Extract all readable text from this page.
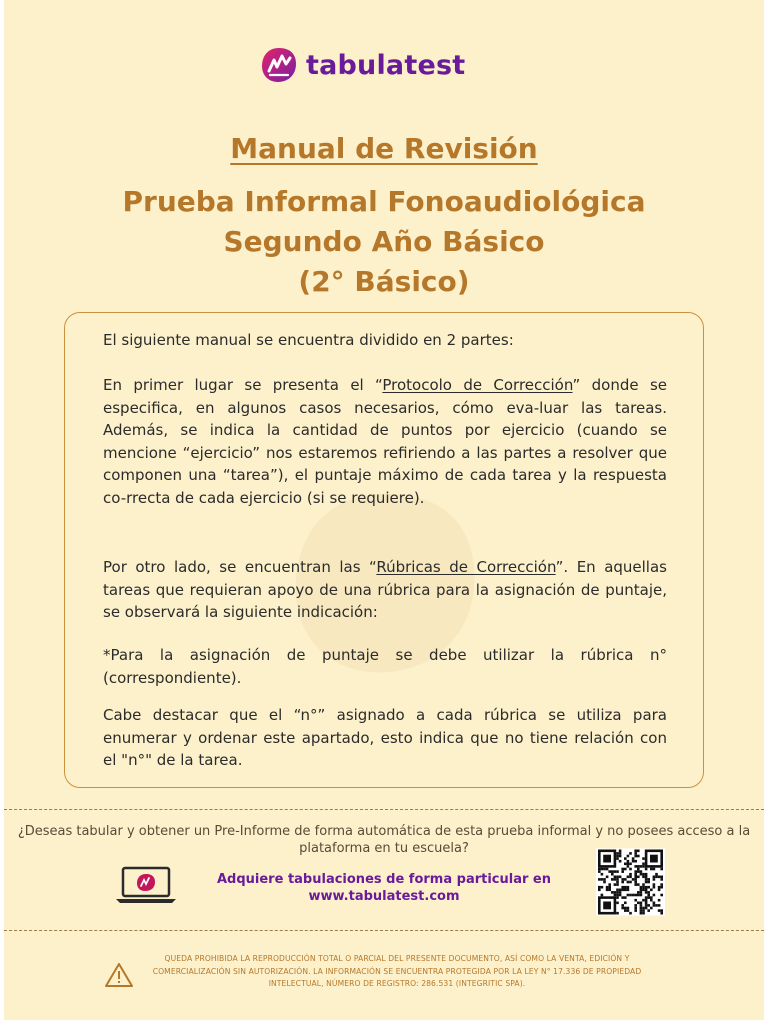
tabulatest
Manual de Revisión
Prueba Informal Fonoaudiológica
Segundo Año Básico
(2° Básico)

El siguiente manual se encuentra dividido en 2 partes:

En primer lugar se presenta el “Protocolo de Corrección” donde se especifica, en algunos casos necesarios, cómo eva-luar las tareas. Además, se indica la cantidad de puntos por ejercicio (cuando se mencione “ejercicio” nos estaremos refiriendo a las partes a resolver que componen una “tarea”), el puntaje máximo de cada tarea y la respuesta co-rrecta de cada ejercicio (si se requiere).

Por otro lado, se encuentran las “Rúbricas de Corrección”. En aquellas tareas que requieran apoyo de una rúbrica para la asignación de puntaje, se observará la siguiente indicación:

*Para la asignación de puntaje se debe utilizar la rúbrica n° (correspondiente).

Cabe destacar que el “n°” asignado a cada rúbrica se utiliza para enumerar y ordenar este apartado, esto indica que no tiene relación con el "n°" de la tarea.

¿Deseas tabular y obtener un Pre-Informe de forma automática de esta prueba informal y no posees acceso a la plataforma en tu escuela?
Adquiere tabulaciones de forma particular en
www.tabulatest.com
QUEDA PROHIBIDA LA REPRODUCCIÓN TOTAL O PARCIAL DEL PRESENTE DOCUMENTO, ASÍ COMO LA VENTA, EDICIÓN Y COMERCIALIZACIÓN SIN AUTORIZACIÓN. LA INFORMACIÓN SE ENCUENTRA PROTEGIDA POR LA LEY N° 17.336 DE PROPIEDAD INTELECTUAL, NÚMERO DE REGISTRO: 286.531 (INTEGRITIC SPA).
